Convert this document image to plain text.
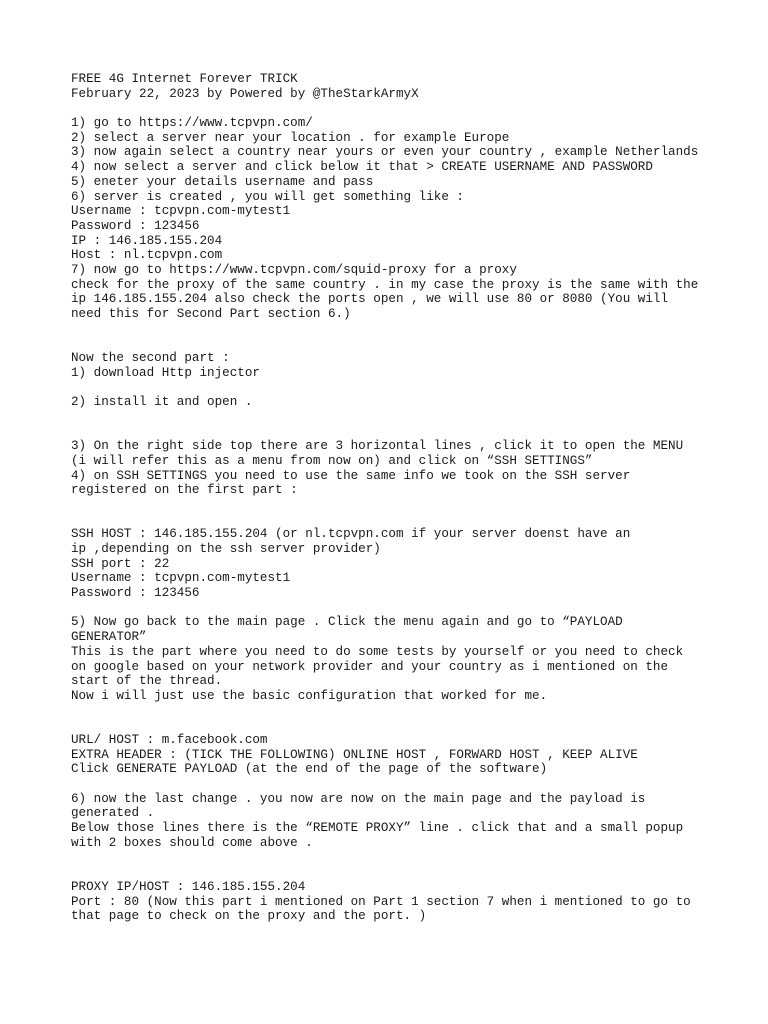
FREE 4G Internet Forever TRICK
February 22, 2023 by Powered by @TheStarkArmyX
1) go to https://www.tcpvpn.com/
2) select a server near your location . for example Europe
3) now again select a country near yours or even your country , example Netherlands
4) now select a server and click below it that > CREATE USERNAME AND PASSWORD
5) eneter your details username and pass
6) server is created , you will get something like :
Username : tcpvpn.com-mytest1
Password : 123456
IP : 146.185.155.204
Host : nl.tcpvpn.com
7) now go to https://www.tcpvpn.com/squid-proxy for a proxy
check for the proxy of the same country . in my case the proxy is the same with the
ip 146.185.155.204 also check the ports open , we will use 80 or 8080 (You will
need this for Second Part section 6.)
Now the second part :
1) download Http injector
2) install it and open .
3) On the right side top there are 3 horizontal lines , click it to open the MENU
(i will refer this as a menu from now on) and click on “SSH SETTINGS”
4) on SSH SETTINGS you need to use the same info we took on the SSH server
registered on the first part :
SSH HOST : 146.185.155.204 (or nl.tcpvpn.com if your server doenst have an
ip ,depending on the ssh server provider)
SSH port : 22
Username : tcpvpn.com-mytest1
Password : 123456
5) Now go back to the main page . Click the menu again and go to “PAYLOAD
GENERATOR”
This is the part where you need to do some tests by yourself or you need to check
on google based on your network provider and your country as i mentioned on the
start of the thread.
Now i will just use the basic configuration that worked for me.
URL/ HOST : m.facebook.com
EXTRA HEADER : (TICK THE FOLLOWING) ONLINE HOST , FORWARD HOST , KEEP ALIVE
Click GENERATE PAYLOAD (at the end of the page of the software)
6) now the last change . you now are now on the main page and the payload is
generated .
Below those lines there is the “REMOTE PROXY” line . click that and a small popup
with 2 boxes should come above .
PROXY IP/HOST : 146.185.155.204
Port : 80 (Now this part i mentioned on Part 1 section 7 when i mentioned to go to
that page to check on the proxy and the port. )
